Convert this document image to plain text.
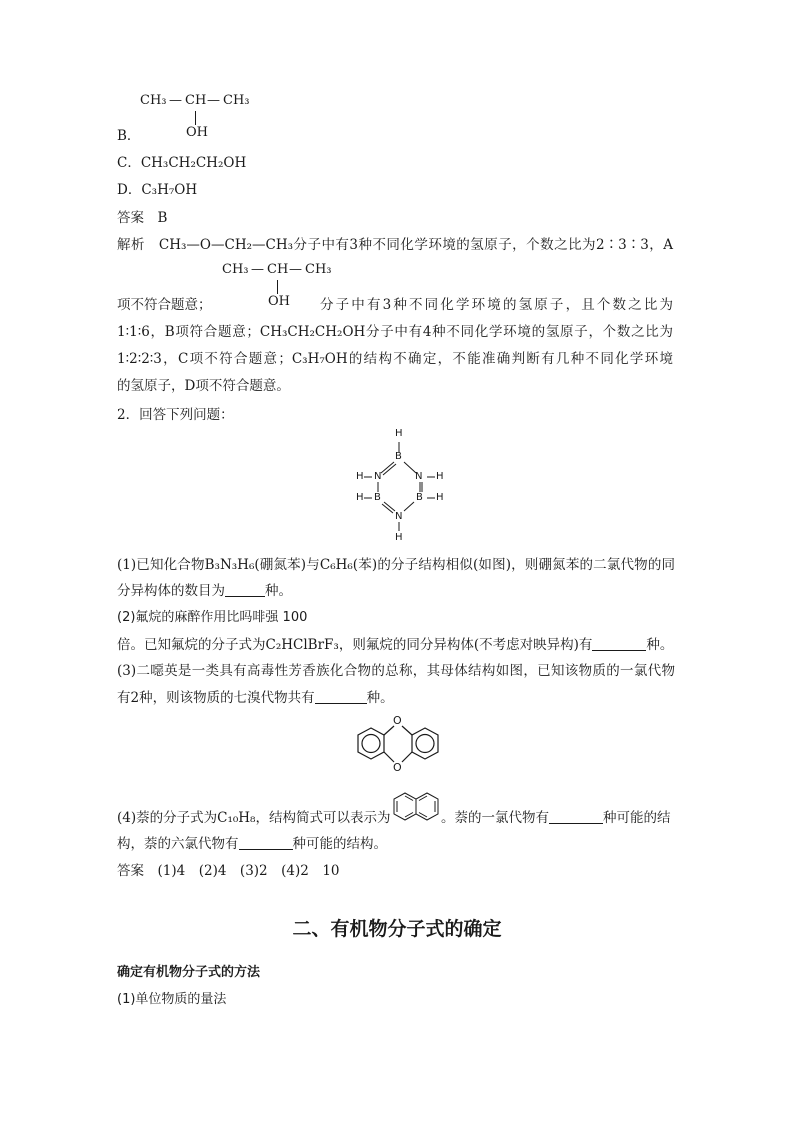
CH₃ — CH — CH₃
OH
B．
C．CH₃CH₂CH₂OH
D．C₃H₇OH
答案　B
解析　CH₃—O—CH₂—CH₃分子中有3种不同化学环境的氢原子，个数之比为2∶3∶3，A
CH₃ — CH — CH₃
OH
项不符合题意；	分子中有3种不同化学环境的氢原子，且个数之比为
1∶1∶6，B项符合题意；CH₃CH₂CH₂OH分子中有4种不同化学环境的氢原子，个数之比为
1∶2∶2∶3，C项不符合题意；C₃H₇OH的结构不确定，不能准确判断有几种不同化学环境
的氢原子，D项不符合题意。
2．回答下列问题：
H
B
H N	N H
H B	B H
N
H
(1)已知化合物B₃N₃H₆(硼氮苯)与C₆H₆(苯)的分子结构相似(如图)，则硼氮苯的二氯代物的同
分异构体的数目为	种。
(2)氟烷的麻醉作用比吗啡强 100
倍。已知氟烷的分子式为C₂HClBrF₃，则氟烷的同分异构体(不考虑对映异构)有	种。
(3)二噁英是一类具有高毒性芳香族化合物的总称，其母体结构如图，已知该物质的一氯代物
有2种，则该物质的七溴代物共有	种。
O
O
(4)萘的分子式为C₁₀H₈，结构简式可以表示为	。萘的一氯代物有	种可能的结
构，萘的六氯代物有	种可能的结构。
答案　(1)4　(2)4　(3)2　(4)2　10
二、有机物分子式的确定
确定有机物分子式的方法
(1)单位物质的量法
